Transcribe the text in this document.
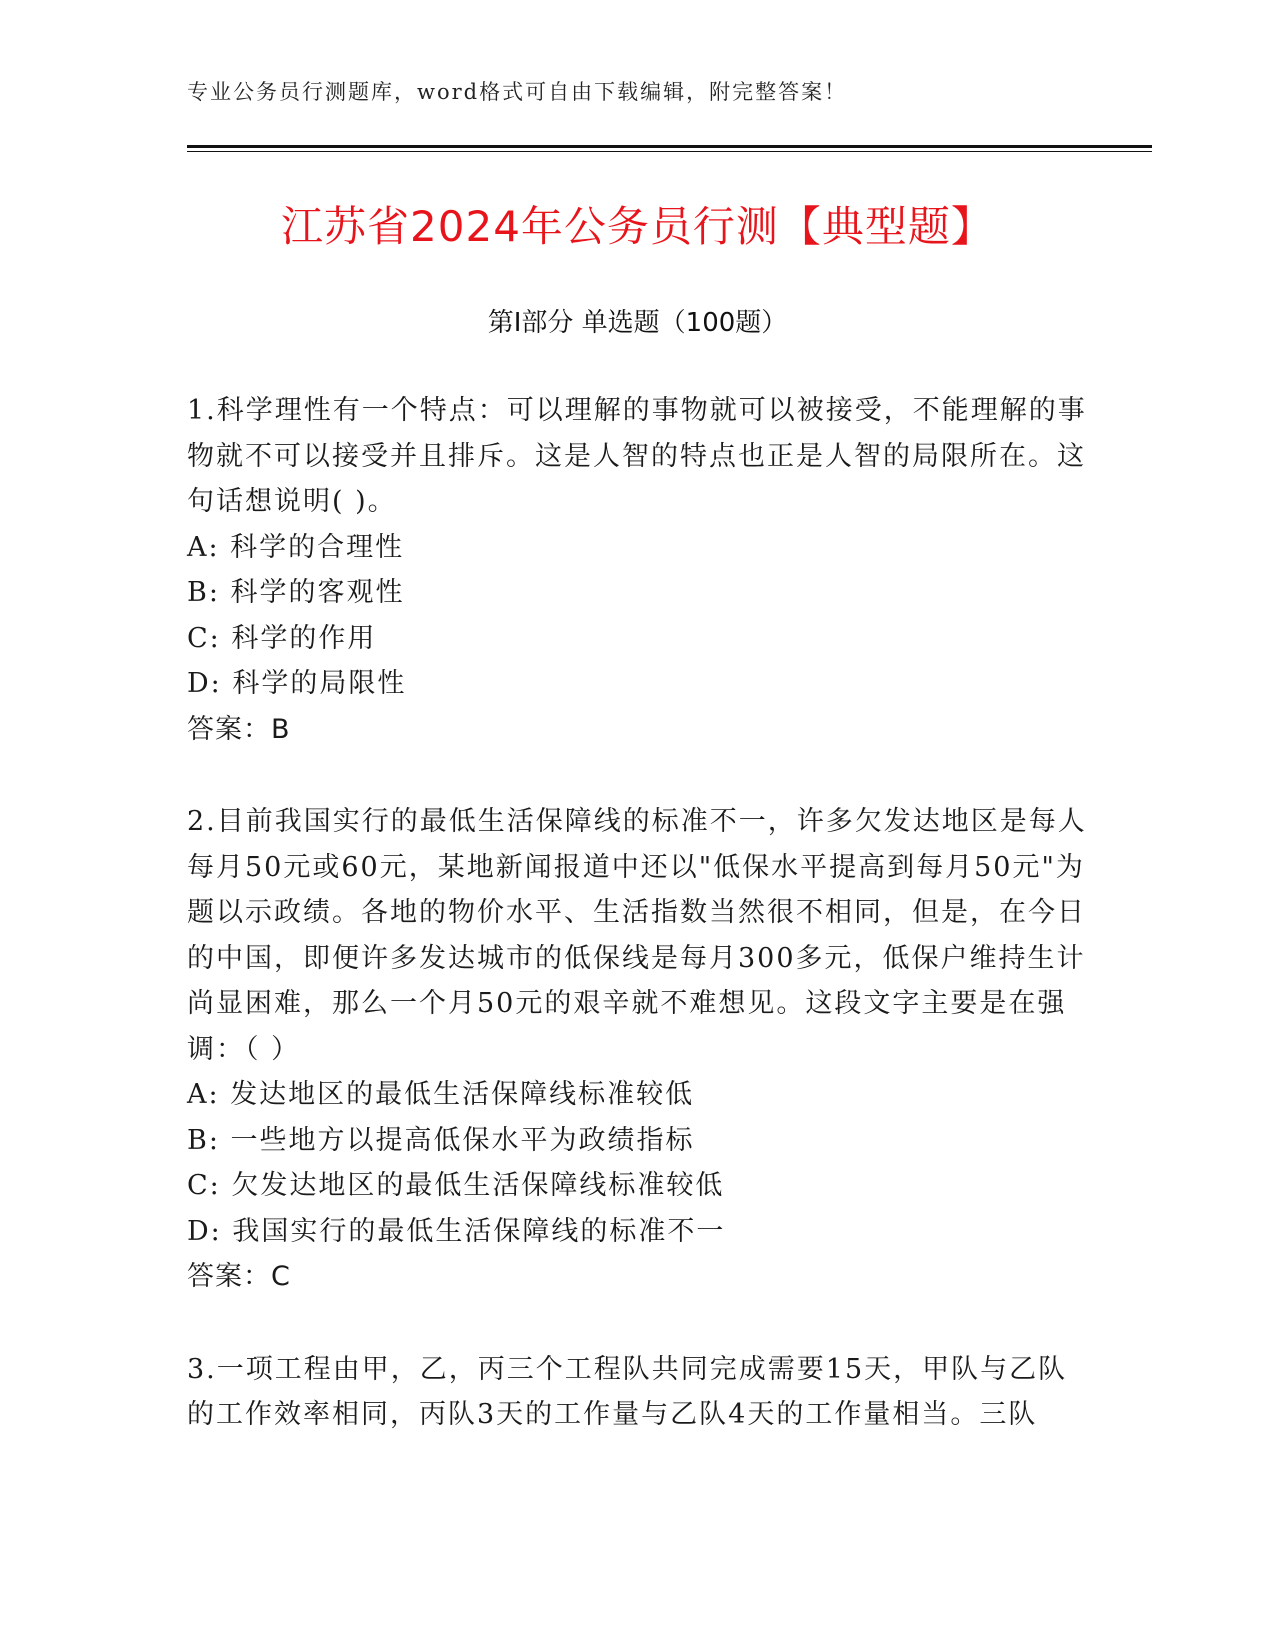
专业公务员行测题库，word格式可自由下载编辑，附完整答案！
江苏省2024年公务员行测【典型题】
第I部分 单选题（100题）

1.科学理性有一个特点：可以理解的事物就可以被接受，不能理解的事物就不可以接受并且排斥。这是人智的特点也正是人智的局限所在。这句话想说明( )。

A: 科学的合理性

B: 科学的客观性

C: 科学的作用

D: 科学的局限性

答案：B

2.目前我国实行的最低生活保障线的标准不一，许多欠发达地区是每人每月50元或60元，某地新闻报道中还以"低保水平提高到每月50元"为题以示政绩。各地的物价水平、生活指数当然很不相同，但是，在今日的中国，即便许多发达城市的低保线是每月300多元，低保户维持生计尚显困难，那么一个月50元的艰辛就不难想见。这段文字主要是在强调：（ ）

A: 发达地区的最低生活保障线标准较低

B: 一些地方以提高低保水平为政绩指标

C: 欠发达地区的最低生活保障线标准较低

D: 我国实行的最低生活保障线的标准不一

答案：C

3.一项工程由甲，乙，丙三个工程队共同完成需要15天，甲队与乙队的工作效率相同，丙队3天的工作量与乙队4天的工作量相当。三队
